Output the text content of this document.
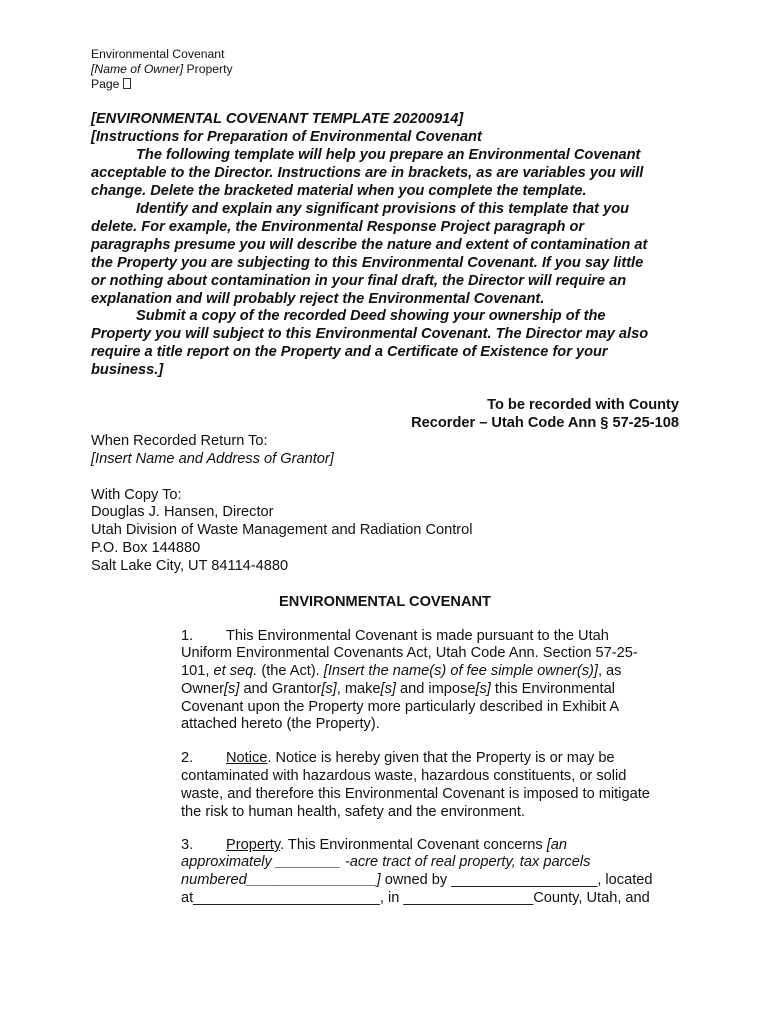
Environmental Covenant
[Name of Owner] Property
Page
[ENVIRONMENTAL COVENANT TEMPLATE 20200914]
[Instructions for Preparation of Environmental Covenant
The following template will help you prepare an Environmental Covenant
acceptable to the Director. Instructions are in brackets, as are variables you will
change. Delete the bracketed material when you complete the template.
Identify and explain any significant provisions of this template that you
delete. For example, the Environmental Response Project paragraph or
paragraphs presume you will describe the nature and extent of contamination at
the Property you are subjecting to this Environmental Covenant. If you say little
or nothing about contamination in your final draft, the Director will require an
explanation and will probably reject the Environmental Covenant.
Submit a copy of the recorded Deed showing your ownership of the
Property you will subject to this Environmental Covenant. The Director may also
require a title report on the Property and a Certificate of Existence for your
business.]
To be recorded with County
Recorder – Utah Code Ann § 57-25-108
When Recorded Return To:
[Insert Name and Address of Grantor]
With Copy To:
Douglas J. Hansen, Director
Utah Division of Waste Management and Radiation Control
P.O. Box 144880
Salt Lake City, UT 84114-4880
ENVIRONMENTAL COVENANT
1. This Environmental Covenant is made pursuant to the Utah
Uniform Environmental Covenants Act, Utah Code Ann. Section 57-25-
101, et seq. (the Act). [Insert the name(s) of fee simple owner(s)], as
Owner[s] and Grantor[s], make[s] and impose[s] this Environmental
Covenant upon the Property more particularly described in Exhibit A
attached hereto (the Property).
2. Notice. Notice is hereby given that the Property is or may be
contaminated with hazardous waste, hazardous constituents, or solid
waste, and therefore this Environmental Covenant is imposed to mitigate
the risk to human health, safety and the environment.
3. Property. This Environmental Covenant concerns [an
approximately ________ -acre tract of real property, tax parcels
numbered________________] owned by __________________, located
at_______________________, in ________________County, Utah, and
